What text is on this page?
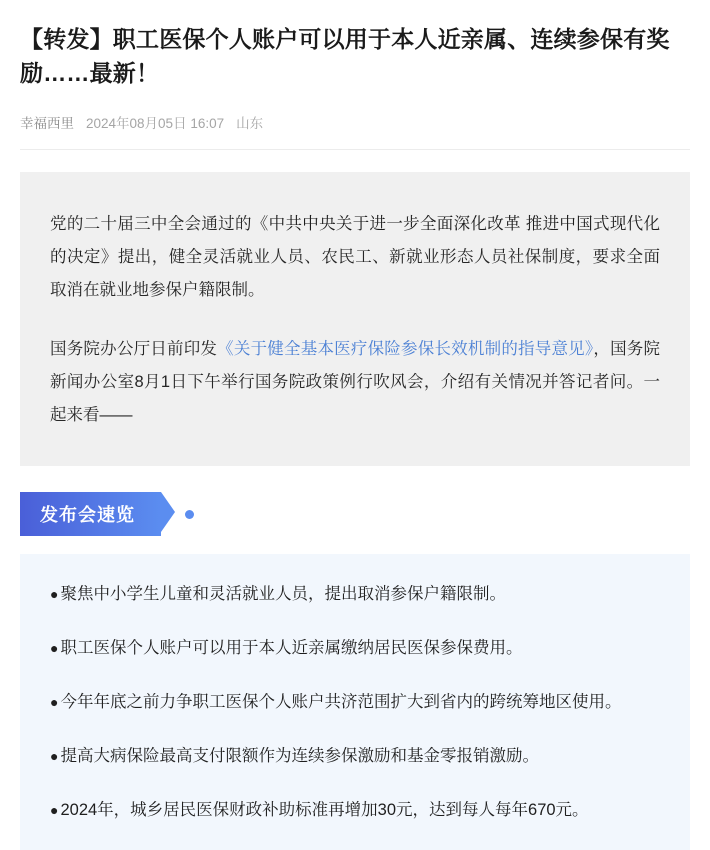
【转发】职工医保个人账户可以用于本人近亲属、连续参保有奖励……最新！
幸福西里 2024年08月05日 16:07 山东

党的二十届三中全会通过的《中共中央关于进一步全面深化改革 推进中国式现代化的决定》提出，健全灵活就业人员、农民工、新就业形态人员社保制度，要求全面取消在就业地参保户籍限制。

国务院办公厅日前印发《关于健全基本医疗保险参保长效机制的指导意见》，国务院新闻办公室8月1日下午举行国务院政策例行吹风会，介绍有关情况并答记者问。一起来看——

发布会速览
● 聚焦中小学生儿童和灵活就业人员，提出取消参保户籍限制。
● 职工医保个人账户可以用于本人近亲属缴纳居民医保参保费用。
● 今年年底之前力争职工医保个人账户共济范围扩大到省内的跨统筹地区使用。
● 提高大病保险最高支付限额作为连续参保激励和基金零报销激励。
● 2024年，城乡居民医保财政补助标准再增加30元，达到每人每年670元。
